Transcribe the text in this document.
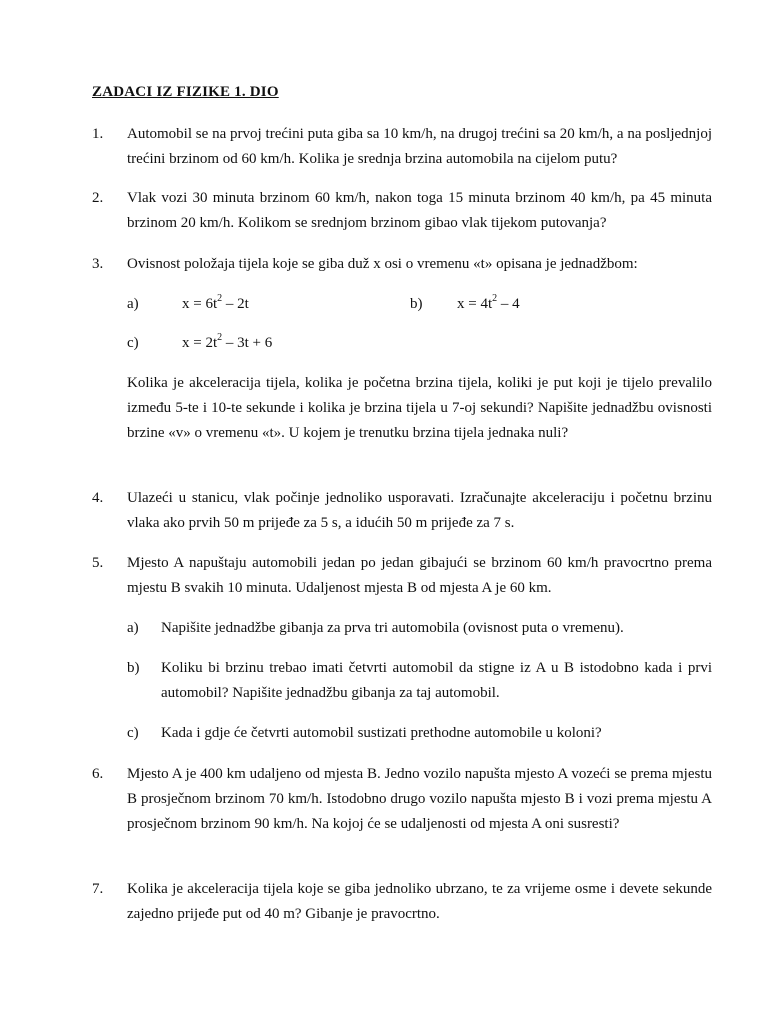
ZADACI IZ FIZIKE 1. DIO
1. Automobil se na prvoj trećini puta giba sa 10 km/h, na drugoj trećini sa 20 km/h, a na posljednjoj trećini brzinom od 60 km/h. Kolika je srednja brzina automobila na cijelom putu?
2. Vlak vozi 30 minuta brzinom 60 km/h, nakon toga 15 minuta brzinom 40 km/h, pa 45 minuta brzinom 20 km/h. Kolikom se srednjom brzinom gibao vlak tijekom putovanja?
3. Ovisnost položaja tijela koje se giba duž x osi o vremenu «t» opisana je jednadžbom:
a)	$x = 6t^2 - 2t$	b) $x = 4t^2 - 4$
c)	$x = 2t^2 - 3t + 6$
Kolika je akceleracija tijela, kolika je početna brzina tijela, koliki je put koji je tijelo prevalilo između 5-te i 10-te sekunde i kolika je brzina tijela u 7-oj sekundi? Napišite jednadžbu ovisnosti brzine «v» o vremenu «t». U kojem je trenutku brzina tijela jednaka nuli?
4. Ulazeći u stanicu, vlak počinje jednoliko usporavati. Izračunajte akceleraciju i početnu brzinu vlaka ako prvih 50 m prijeđe za 5 s, a idućih 50 m prijeđe za 7 s.
5. Mjesto A napuštaju automobili jedan po jedan gibajući se brzinom 60 km/h pravocrtno prema mjestu B svakih 10 minuta. Udaljenost mjesta B od mjesta A je 60 km.
a) Napišite jednadžbe gibanja za prva tri automobila (ovisnost puta o vremenu).
b) Koliku bi brzinu trebao imati četvrti automobil da stigne iz A u B istodobno kada i prvi automobil? Napišite jednadžbu gibanja za taj automobil.
c) Kada i gdje će četvrti automobil sustizati prethodne automobile u koloni?
6. Mjesto A je 400 km udaljeno od mjesta B. Jedno vozilo napušta mjesto A vozeći se prema mjestu B prosječnom brzinom 70 km/h. Istodobno drugo vozilo napušta mjesto B i vozi prema mjestu A prosječnom brzinom 90 km/h. Na kojoj će se udaljenosti od mjesta A oni susresti?
7. Kolika je akceleracija tijela koje se giba jednoliko ubrzano, te za vrijeme osme i devete sekunde zajedno prijeđe put od 40 m? Gibanje je pravocrtno.
